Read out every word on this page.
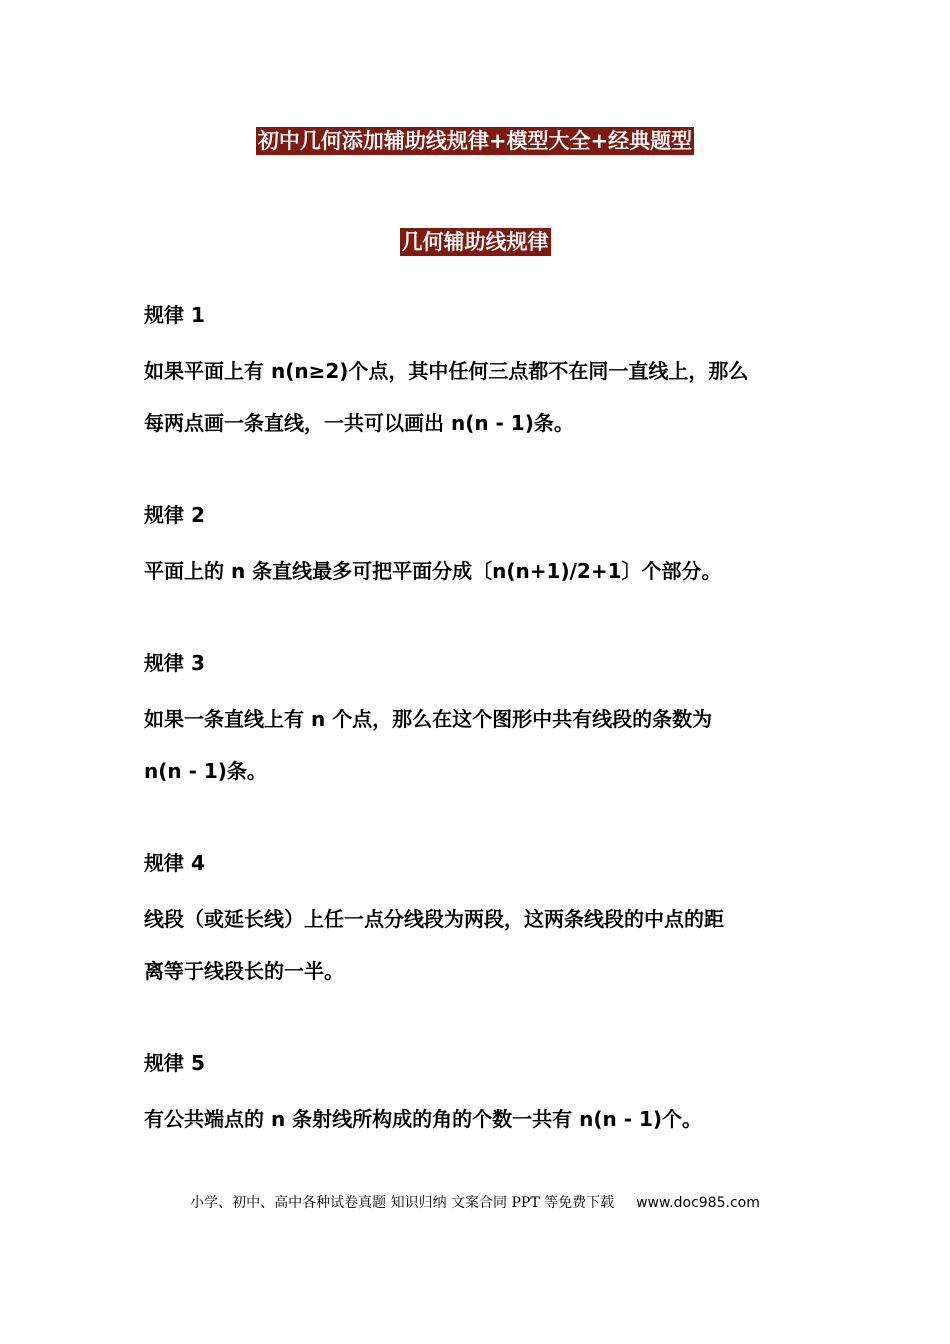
初中几何添加辅助线规律+模型大全+经典题型
几何辅助线规律

规律 1

如果平面上有 n(n≥2)个点，其中任何三点都不在同一直线上，那么
每两点画一条直线，一共可以画出 n(n - 1)条。

规律 2

平面上的 n 条直线最多可把平面分成〔n(n+1)/2+1〕个部分。

规律 3

如果一条直线上有 n 个点，那么在这个图形中共有线段的条数为
n(n - 1)条。

规律 4

线段（或延长线）上任一点分线段为两段，这两条线段的中点的距
离等于线段长的一半。

规律 5

有公共端点的 n 条射线所构成的角的个数一共有 n(n - 1)个。

小学、初中、高中各种试卷真题 知识归纳 文案合同 PPT 等免费下载 www.doc985.com
